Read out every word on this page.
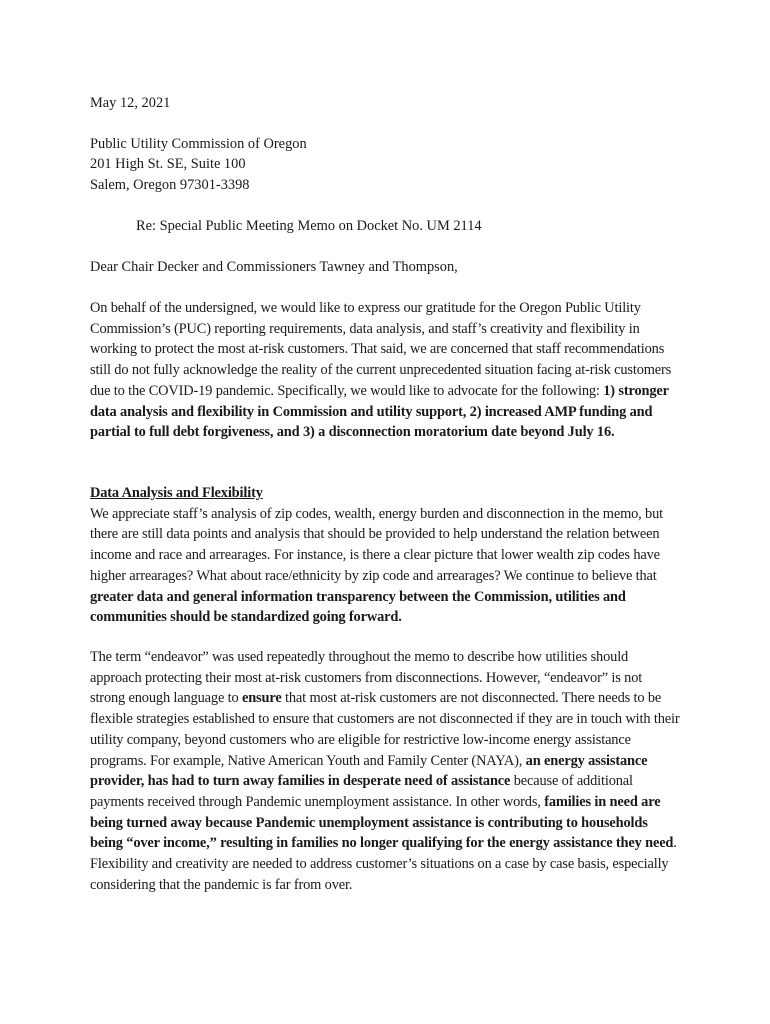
May 12, 2021
Public Utility Commission of Oregon
201 High St. SE, Suite 100
Salem, Oregon 97301-3398
Re: Special Public Meeting Memo on Docket No. UM 2114
Dear Chair Decker and Commissioners Tawney and Thompson,
On behalf of the undersigned, we would like to express our gratitude for the Oregon Public Utility Commission’s (PUC) reporting requirements, data analysis, and staff’s creativity and flexibility in working to protect the most at-risk customers. That said, we are concerned that staff recommendations still do not fully acknowledge the reality of the current unprecedented situation facing at-risk customers due to the COVID-19 pandemic. Specifically, we would like to advocate for the following: 1) stronger data analysis and flexibility in Commission and utility support, 2) increased AMP funding and partial to full debt forgiveness, and 3) a disconnection moratorium date beyond July 16.
Data Analysis and Flexibility
We appreciate staff’s analysis of zip codes, wealth, energy burden and disconnection in the memo, but there are still data points and analysis that should be provided to help understand the relation between income and race and arrearages. For instance, is there a clear picture that lower wealth zip codes have higher arrearages? What about race/ethnicity by zip code and arrearages? We continue to believe that greater data and general information transparency between the Commission, utilities and communities should be standardized going forward.
The term “endeavor” was used repeatedly throughout the memo to describe how utilities should approach protecting their most at-risk customers from disconnections. However, “endeavor” is not strong enough language to ensure that most at-risk customers are not disconnected. There needs to be flexible strategies established to ensure that customers are not disconnected if they are in touch with their utility company, beyond customers who are eligible for restrictive low-income energy assistance programs. For example, Native American Youth and Family Center (NAYA), an energy assistance provider, has had to turn away families in desperate need of assistance because of additional payments received through Pandemic unemployment assistance. In other words, families in need are being turned away because Pandemic unemployment assistance is contributing to households being “over income,” resulting in families no longer qualifying for the energy assistance they need. Flexibility and creativity are needed to address customer’s situations on a case by case basis, especially considering that the pandemic is far from over.
